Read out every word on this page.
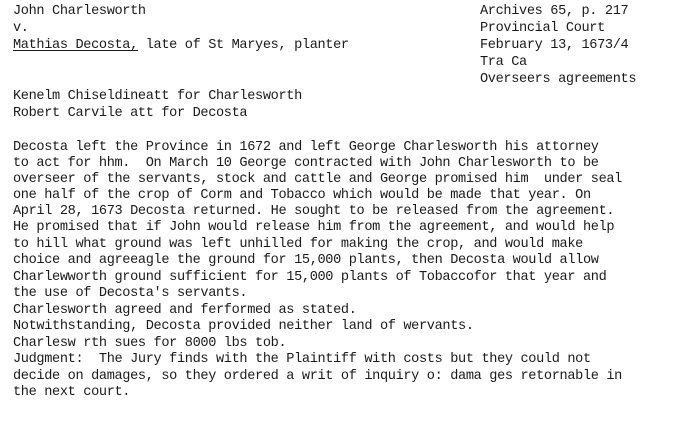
John Charlesworth
v.
Mathias Decosta, late of St Maryes, planter
Archives 65, p. 217
Provincial Court
February 13, 1673/4
Tra Ca
Overseers agreements
Kenelm Chiseldineatt for Charlesworth
Robert Carvile att for Decosta
Decosta left the Province in 1672 and left George Charlesworth his attorney
to act for hhm.  On March 10 George contracted with John Charlesworth to be
overseer of the servants, stock and cattle and George promised him  under seal
one half of the crop of Corm and Tobacco which would be made that year. On
April 28, 1673 Decosta returned. He sought to be released from the agreement.
He promised that if John would release him from the agreement, and would help
to hill what ground was left unhilled for making the crop, and would make
choice and agreeagle the ground for 15,000 plants, then Decosta would allow
Charlewworth ground sufficient for 15,000 plants of Tobaccofor that year and
the use of Decosta's servants.
Charlesworth agreed and ferformed as stated.
Notwithstanding, Decosta provided neither land of wervants.
Charlesw rth sues for 8000 lbs tob.
Judgment:  The Jury finds with the Plaintiff with costs but they could not
decide on damages, so they ordered a writ of inquiry o: dama ges retornable in
the next court.
